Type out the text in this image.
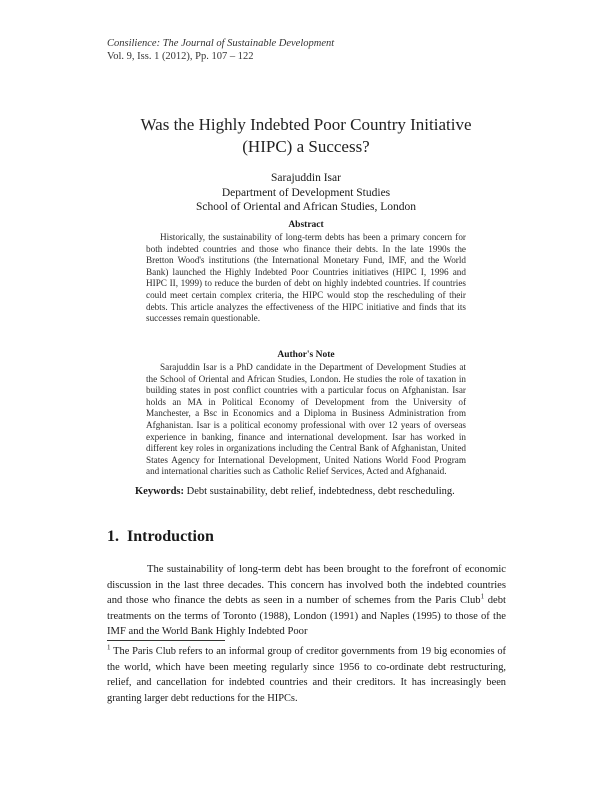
Consilience: The Journal of Sustainable Development
Vol. 9, Iss. 1 (2012), Pp. 107 – 122
Was the Highly Indebted Poor Country Initiative
(HIPC) a Success?
Sarajuddin Isar
Department of Development Studies
School of Oriental and African Studies, London
Abstract
Historically, the sustainability of long-term debts has been a primary concern for both indebted countries and those who finance their debts. In the late 1990s the Bretton Wood's institutions (the International Monetary Fund, IMF, and the World Bank) launched the Highly Indebted Poor Countries initiatives (HIPC I, 1996 and HIPC II, 1999) to reduce the burden of debt on highly indebted countries. If countries could meet certain complex criteria, the HIPC would stop the rescheduling of their debts. This article analyzes the effectiveness of the HIPC initiative and finds that its successes remain questionable.
Author's Note
Sarajuddin Isar is a PhD candidate in the Department of Development Studies at the School of Oriental and African Studies, London. He studies the role of taxation in building states in post conflict countries with a particular focus on Afghanistan. Isar holds an MA in Political Economy of Development from the University of Manchester, a Bsc in Economics and a Diploma in Business Administration from Afghanistan. Isar is a political economy professional with over 12 years of overseas experience in banking, finance and international development. Isar has worked in different key roles in organizations including the Central Bank of Afghanistan, United States Agency for International Development, United Nations World Food Program and international charities such as Catholic Relief Services, Acted and Afghanaid.
Keywords: Debt sustainability, debt relief, indebtedness, debt rescheduling.
1. Introduction
The sustainability of long-term debt has been brought to the forefront of economic discussion in the last three decades. This concern has involved both the indebted countries and those who finance the debts as seen in a number of schemes from the Paris Club$^1$ debt treatments on the terms of Toronto (1988), London (1991) and Naples (1995) to those of the IMF and the World Bank Highly Indebted Poor
$^1$ The Paris Club refers to an informal group of creditor governments from 19 big economies of the world, which have been meeting regularly since 1956 to co-ordinate debt restructuring, relief, and cancellation for indebted countries and their creditors. It has increasingly been granting larger debt reductions for the HIPCs.
